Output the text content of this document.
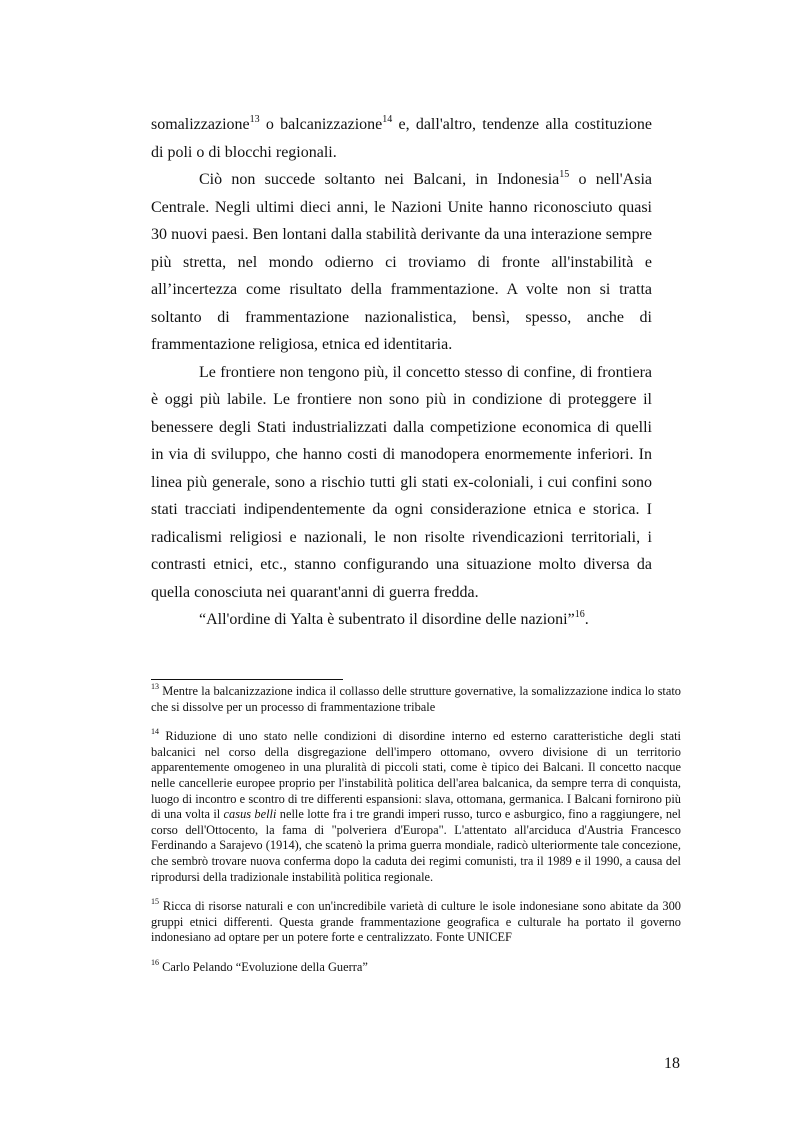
somalizzazione$^{13}$ o balcanizzazione$^{14}$ e, dall'altro, tendenze alla costituzione di poli o di blocchi regionali.

Ciò non succede soltanto nei Balcani, in Indonesia$^{15}$ o nell'Asia Centrale. Negli ultimi dieci anni, le Nazioni Unite hanno riconosciuto quasi 30 nuovi paesi. Ben lontani dalla stabilità derivante da una interazione sempre più stretta, nel mondo odierno ci troviamo di fronte all'instabilità e all’incertezza come risultato della frammentazione. A volte non si tratta soltanto di frammentazione nazionalistica, bensì, spesso, anche di frammentazione religiosa, etnica ed identitaria.

Le frontiere non tengono più, il concetto stesso di confine, di frontiera è oggi più labile. Le frontiere non sono più in condizione di proteggere il benessere degli Stati industrializzati dalla competizione economica di quelli in via di sviluppo, che hanno costi di manodopera enormemente inferiori. In linea più generale, sono a rischio tutti gli stati ex-coloniali, i cui confini sono stati tracciati indipendentemente da ogni considerazione etnica e storica. I radicalismi religiosi e nazionali, le non risolte rivendicazioni territoriali, i contrasti etnici, etc., stanno configurando una situazione molto diversa da quella conosciuta nei quarant'anni di guerra fredda.

“All'ordine di Yalta è subentrato il disordine delle nazioni”$^{16}$.

$^{13}$ Mentre la balcanizzazione indica il collasso delle strutture governative, la somalizzazione indica lo stato che si dissolve per un processo di frammentazione tribale

$^{14}$ Riduzione di uno stato nelle condizioni di disordine interno ed esterno caratteristiche degli stati balcanici nel corso della disgregazione dell'impero ottomano, ovvero divisione di un territorio apparentemente omogeneo in una pluralità di piccoli stati, come è tipico dei Balcani. Il concetto nacque nelle cancellerie europee proprio per l'instabilità politica dell'area balcanica, da sempre terra di conquista, luogo di incontro e scontro di tre differenti espansioni: slava, ottomana, germanica. I Balcani fornirono più di una volta il casus belli nelle lotte fra i tre grandi imperi russo, turco e asburgico, fino a raggiungere, nel corso dell'Ottocento, la fama di "polveriera d'Europa". L'attentato all'arciduca d'Austria Francesco Ferdinando a Sarajevo (1914), che scatenò la prima guerra mondiale, radicò ulteriormente tale concezione, che sembrò trovare nuova conferma dopo la caduta dei regimi comunisti, tra il 1989 e il 1990, a causa del riprodursi della tradizionale instabilità politica regionale.

$^{15}$ Ricca di risorse naturali e con un'incredibile varietà di culture le isole indonesiane sono abitate da 300 gruppi etnici differenti. Questa grande frammentazione geografica e culturale ha portato il governo indonesiano ad optare per un potere forte e centralizzato. Fonte UNICEF

$^{16}$ Carlo Pelando “Evoluzione della Guerra”

18
